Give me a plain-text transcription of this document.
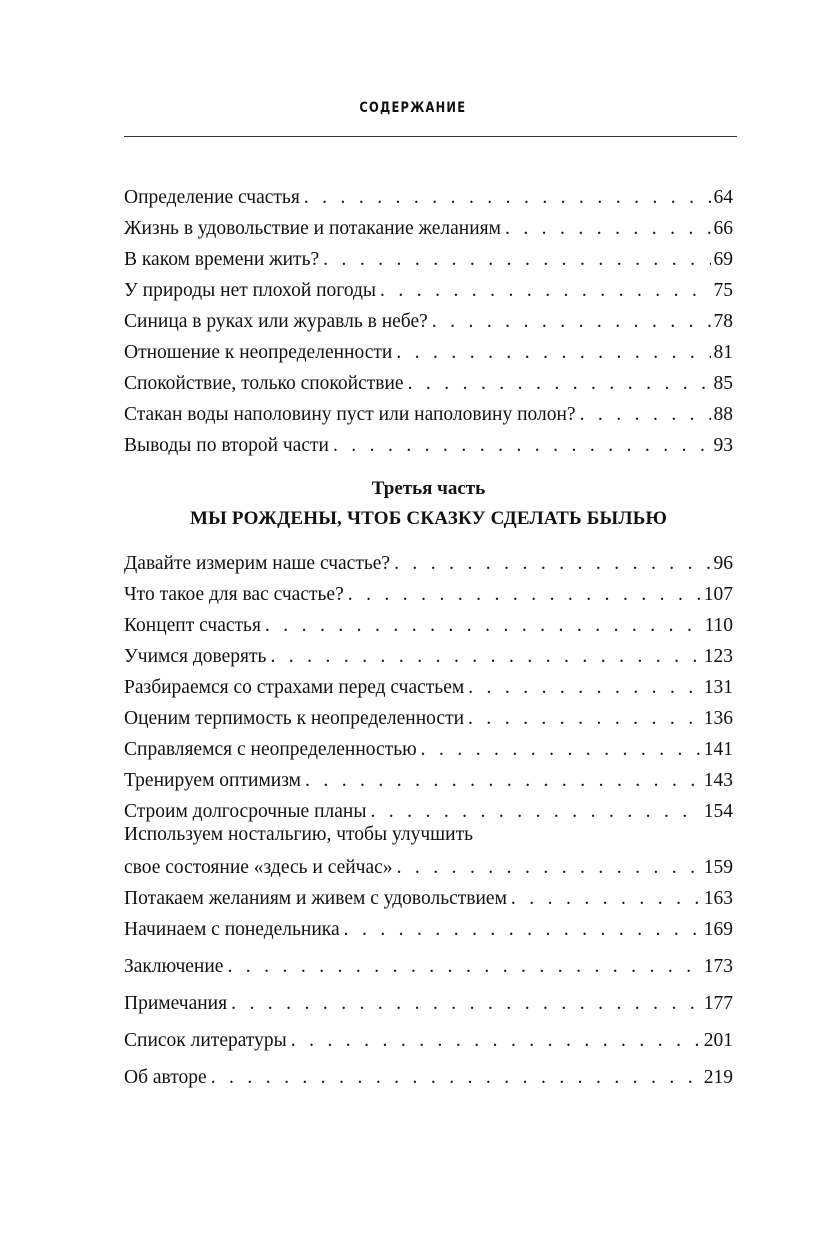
СОДЕРЖАНИЕ
Определение счастья . . .	64
Жизнь в удовольствие и потакание желаниям . . .	66
В каком времени жить? . . .	69
У природы нет плохой погоды . . .	75
Синица в руках или журавль в небе? . . .	78
Отношение к неопределенности . . .	81
Спокойствие, только спокойствие . . .	85
Стакан воды наполовину пуст или наполовину полон? . . .	88
Выводы по второй части . . .	93
Третья часть
МЫ РОЖДЕНЫ, ЧТОБ СКАЗКУ СДЕЛАТЬ БЫЛЬЮ
Давайте измерим наше счастье? . . .	96
Что такое для вас счастье? . . .	107
Концепт счастья . . .	110
Учимся доверять . . .	123
Разбираемся со страхами перед счастьем . . .	131
Оценим терпимость к неопределенности . . .	136
Справляемся с неопределенностью . . .	141
Тренируем оптимизм . . .	143
Строим долгосрочные планы . . .	154
Используем ностальгию, чтобы улучшить
свое состояние «здесь и сейчас» . . .	159
Потакаем желаниям и живем с удовольствием . . .	163
Начинаем с понедельника . . .	169
Заключение . . .	173
Примечания . . .	177
Список литературы . . .	201
Об авторе . . .	219
